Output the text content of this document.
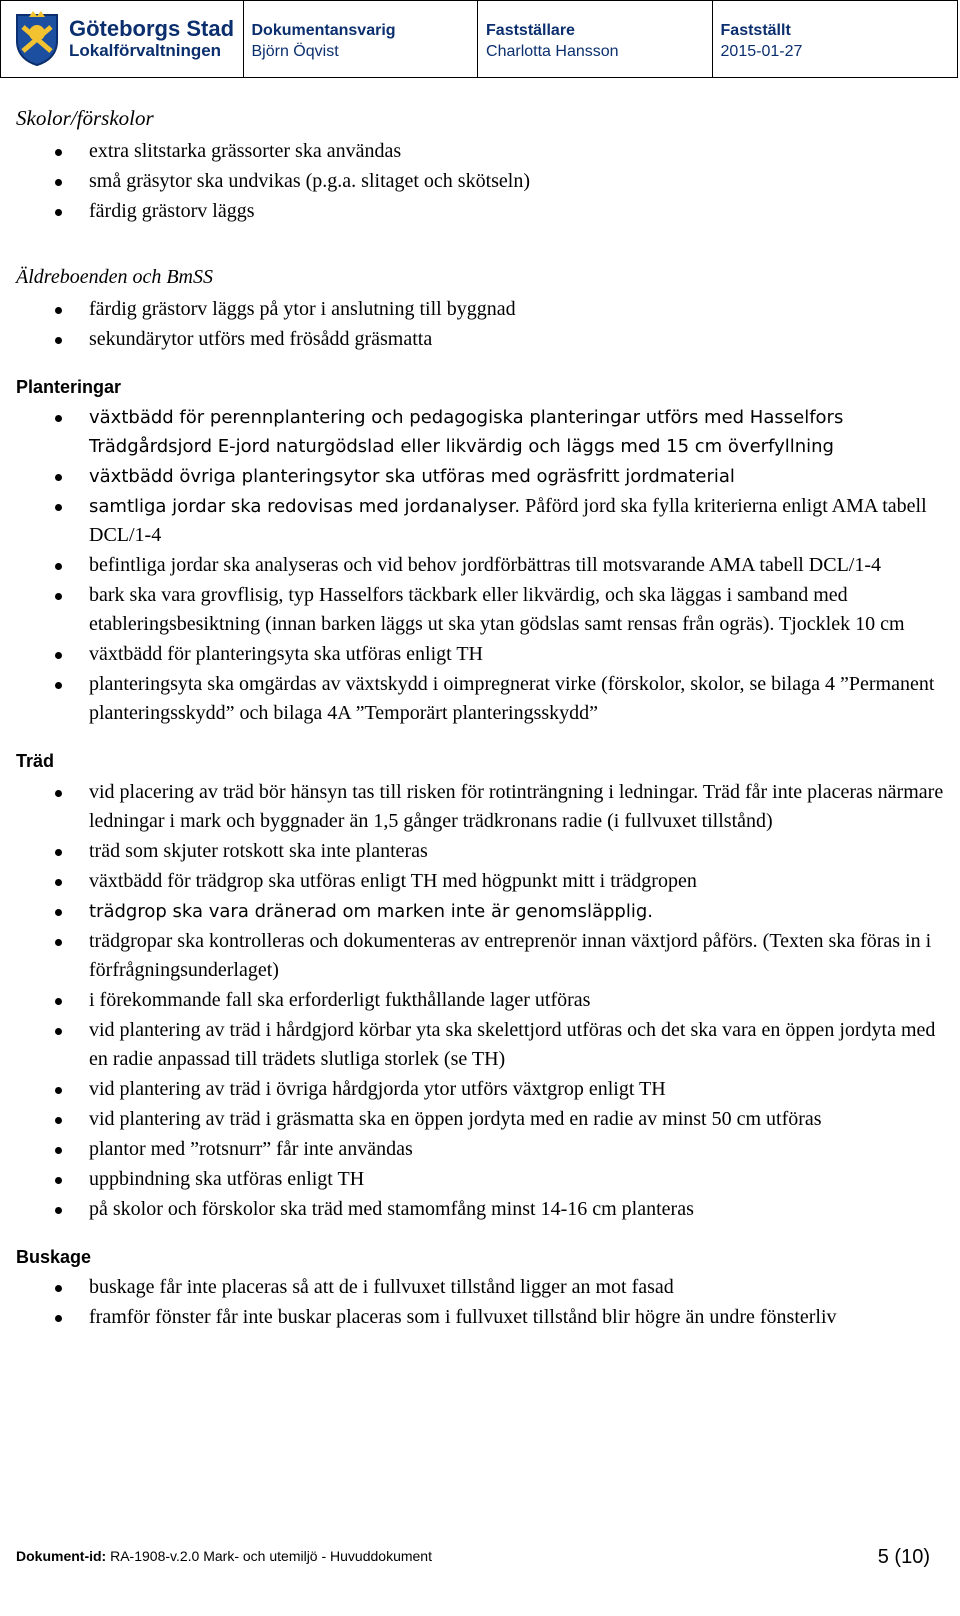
Göteborgs Stad
Lokalförvaltningen
Dokumentansvarig
Björn Öqvist
Fastställare
Charlotta Hansson
Fastställt
2015-01-27
Skolor/förskolor
extra slitstarka grässorter ska användas
små gräsytor ska undvikas (p.g.a. slitaget och skötseln)
färdig grästorv läggs
Äldreboenden och BmSS
färdig grästorv läggs på ytor i anslutning till byggnad
sekundärytor utförs med frösådd gräsmatta
Planteringar
växtbädd för perennplantering och pedagogiska planteringar utförs med Hasselfors Trädgårdsjord E-jord naturgödslad eller likvärdig och läggs med 15 cm överfyllning
växtbädd övriga planteringsytor ska utföras med ogräsfritt jordmaterial
samtliga jordar ska redovisas med jordanalyser. Påförd jord ska fylla kriterierna enligt AMA tabell DCL/1-4
befintliga jordar ska analyseras och vid behov jordförbättras till motsvarande AMA tabell DCL/1-4
bark ska vara grovflisig, typ Hasselfors täckbark eller likvärdig, och ska läggas i samband med etableringsbesiktning (innan barken läggs ut ska ytan gödslas samt rensas från ogräs). Tjocklek 10 cm
växtbädd för planteringsyta ska utföras enligt TH
planteringsyta ska omgärdas av växtskydd i oimpregnerat virke (förskolor, skolor, se bilaga 4 ”Permanent planteringsskydd” och bilaga 4A ”Temporärt planteringsskydd”
Träd
vid placering av träd bör hänsyn tas till risken för rotinträngning i ledningar. Träd får inte placeras närmare ledningar i mark och byggnader än 1,5 gånger trädkronans radie (i fullvuxet tillstånd)
träd som skjuter rotskott ska inte planteras
växtbädd för trädgrop ska utföras enligt TH med högpunkt mitt i trädgropen
trädgrop ska vara dränerad om marken inte är genomsläpplig.
trädgropar ska kontrolleras och dokumenteras av entreprenör innan växtjord påförs. (Texten ska föras in i förfrågningsunderlaget)
i förekommande fall ska erforderligt fukthållande lager utföras
vid plantering av träd i hårdgjord körbar yta ska skelettjord utföras och det ska vara en öppen jordyta med en radie anpassad till trädets slutliga storlek (se TH)
vid plantering av träd i övriga hårdgjorda ytor utförs växtgrop enligt TH
vid plantering av träd i gräsmatta ska en öppen jordyta med en radie av minst 50 cm utföras
plantor med ”rotsnurr” får inte användas
uppbindning ska utföras enligt TH
på skolor och förskolor ska träd med stamomfång minst 14-16 cm planteras
Buskage
buskage får inte placeras så att de i fullvuxet tillstånd ligger an mot fasad
framför fönster får inte buskar placeras som i fullvuxet tillstånd blir högre än undre fönsterliv
Dokument-id: RA-1908-v.2.0 Mark- och utemiljö - Huvuddokument	5 (10)
